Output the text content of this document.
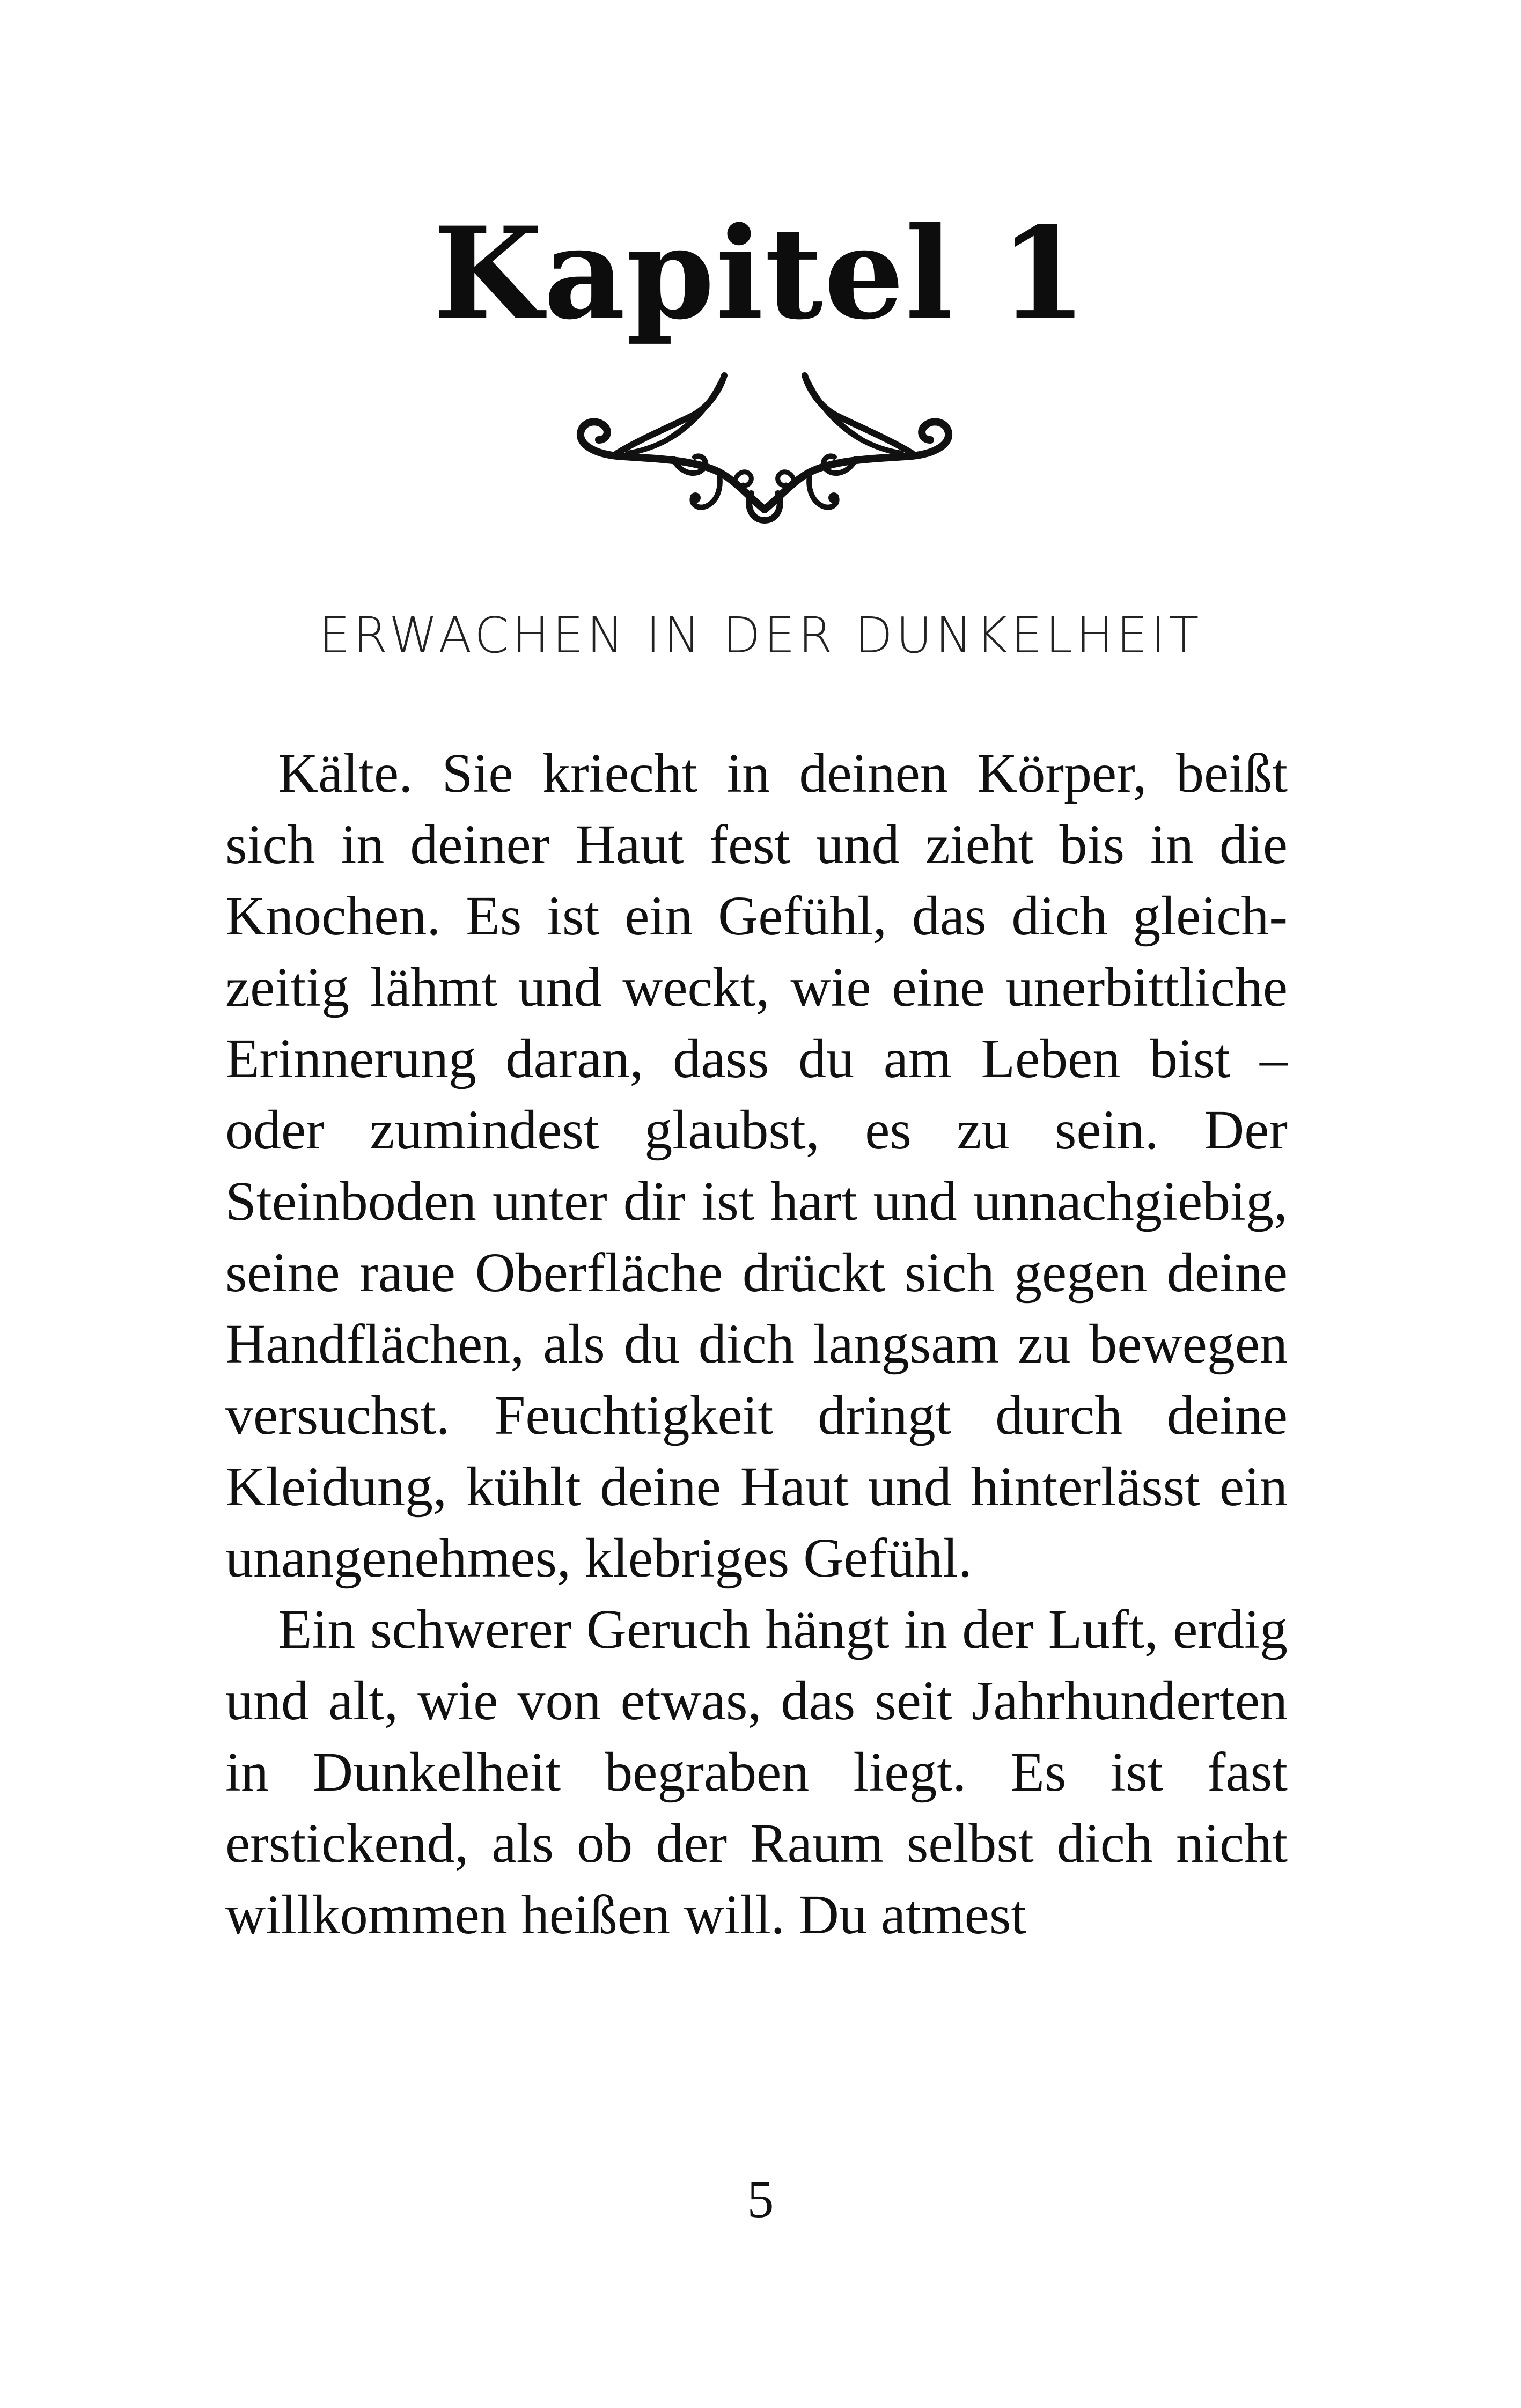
Kapitel 1
ERWACHEN IN DER DUNKELHEIT

Kälte. Sie kriecht in deinen Körper, beißt sich in deiner Haut fest und zieht bis in die Knochen. Es ist ein Gefühl, das dich gleichzeitig lähmt und weckt, wie eine unerbittliche Erinnerung daran, dass du am Leben bist – oder zumindest glaubst, es zu sein. Der Steinboden unter dir ist hart und unnachgiebig, seine raue Oberfläche drückt sich gegen deine Handflächen, als du dich langsam zu bewegen versuchst. Feuchtigkeit dringt durch deine Kleidung, kühlt deine Haut und hinterlässt ein unangenehmes, klebriges Gefühl.

Ein schwerer Geruch hängt in der Luft, erdig und alt, wie von etwas, das seit Jahrhunderten in Dunkelheit begraben liegt. Es ist fast erstickend, als ob der Raum selbst dich nicht willkommen heißen will. Du atmest

5
